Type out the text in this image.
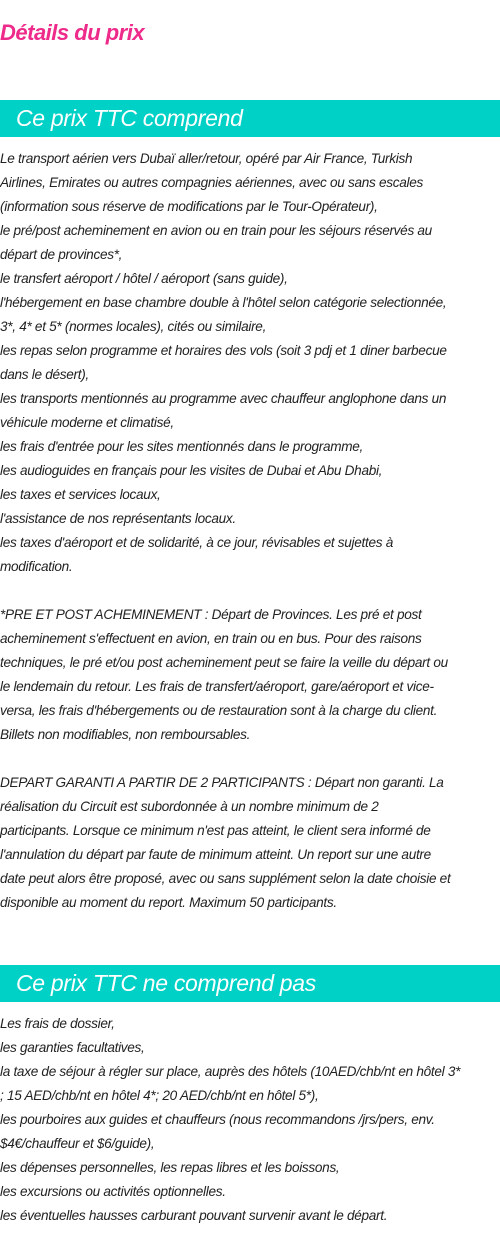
Détails du prix
Ce prix TTC comprend

Le transport aérien vers Dubaï aller/retour, opéré par Air France, Turkish

Airlines, Emirates ou autres compagnies aériennes, avec ou sans escales

(information sous réserve de modifications par le Tour-Opérateur),

le pré/post acheminement en avion ou en train pour les séjours réservés au

départ de provinces*,

le transfert aéroport / hôtel / aéroport (sans guide),

l'hébergement en base chambre double à l'hôtel selon catégorie selectionnée,

3*, 4* et 5* (normes locales), cités ou similaire,

les repas selon programme et horaires des vols (soit 3 pdj et 1 diner barbecue

dans le désert),

les transports mentionnés au programme avec chauffeur anglophone dans un

véhicule moderne et climatisé,

les frais d'entrée pour les sites mentionnés dans le programme,

les audioguides en français pour les visites de Dubai et Abu Dhabi,

les taxes et services locaux,

l'assistance de nos représentants locaux.

les taxes d'aéroport et de solidarité, à ce jour, révisables et sujettes à

modification.

*PRE ET POST ACHEMINEMENT : Départ de Provinces. Les pré et post

acheminement s'effectuent en avion, en train ou en bus. Pour des raisons

techniques, le pré et/ou post acheminement peut se faire la veille du départ ou

le lendemain du retour. Les frais de transfert/aéroport, gare/aéroport et vice-

versa, les frais d'hébergements ou de restauration sont à la charge du client.

Billets non modifiables, non remboursables.

DEPART GARANTI A PARTIR DE 2 PARTICIPANTS : Départ non garanti. La

réalisation du Circuit est subordonnée à un nombre minimum de 2

participants. Lorsque ce minimum n'est pas atteint, le client sera informé de

l'annulation du départ par faute de minimum atteint. Un report sur une autre

date peut alors être proposé, avec ou sans supplément selon la date choisie et

disponible au moment du report. Maximum 50 participants.

Ce prix TTC ne comprend pas

Les frais de dossier,

les garanties facultatives,

la taxe de séjour à régler sur place, auprès des hôtels (10AED/chb/nt en hôtel 3*

; 15 AED/chb/nt en hôtel 4*; 20 AED/chb/nt en hôtel 5*),

les pourboires aux guides et chauffeurs (nous recommandons /jrs/pers, env.

$4€/chauffeur et $6/guide),

les dépenses personnelles, les repas libres et les boissons,

les excursions ou activités optionnelles.

les éventuelles hausses carburant pouvant survenir avant le départ.
